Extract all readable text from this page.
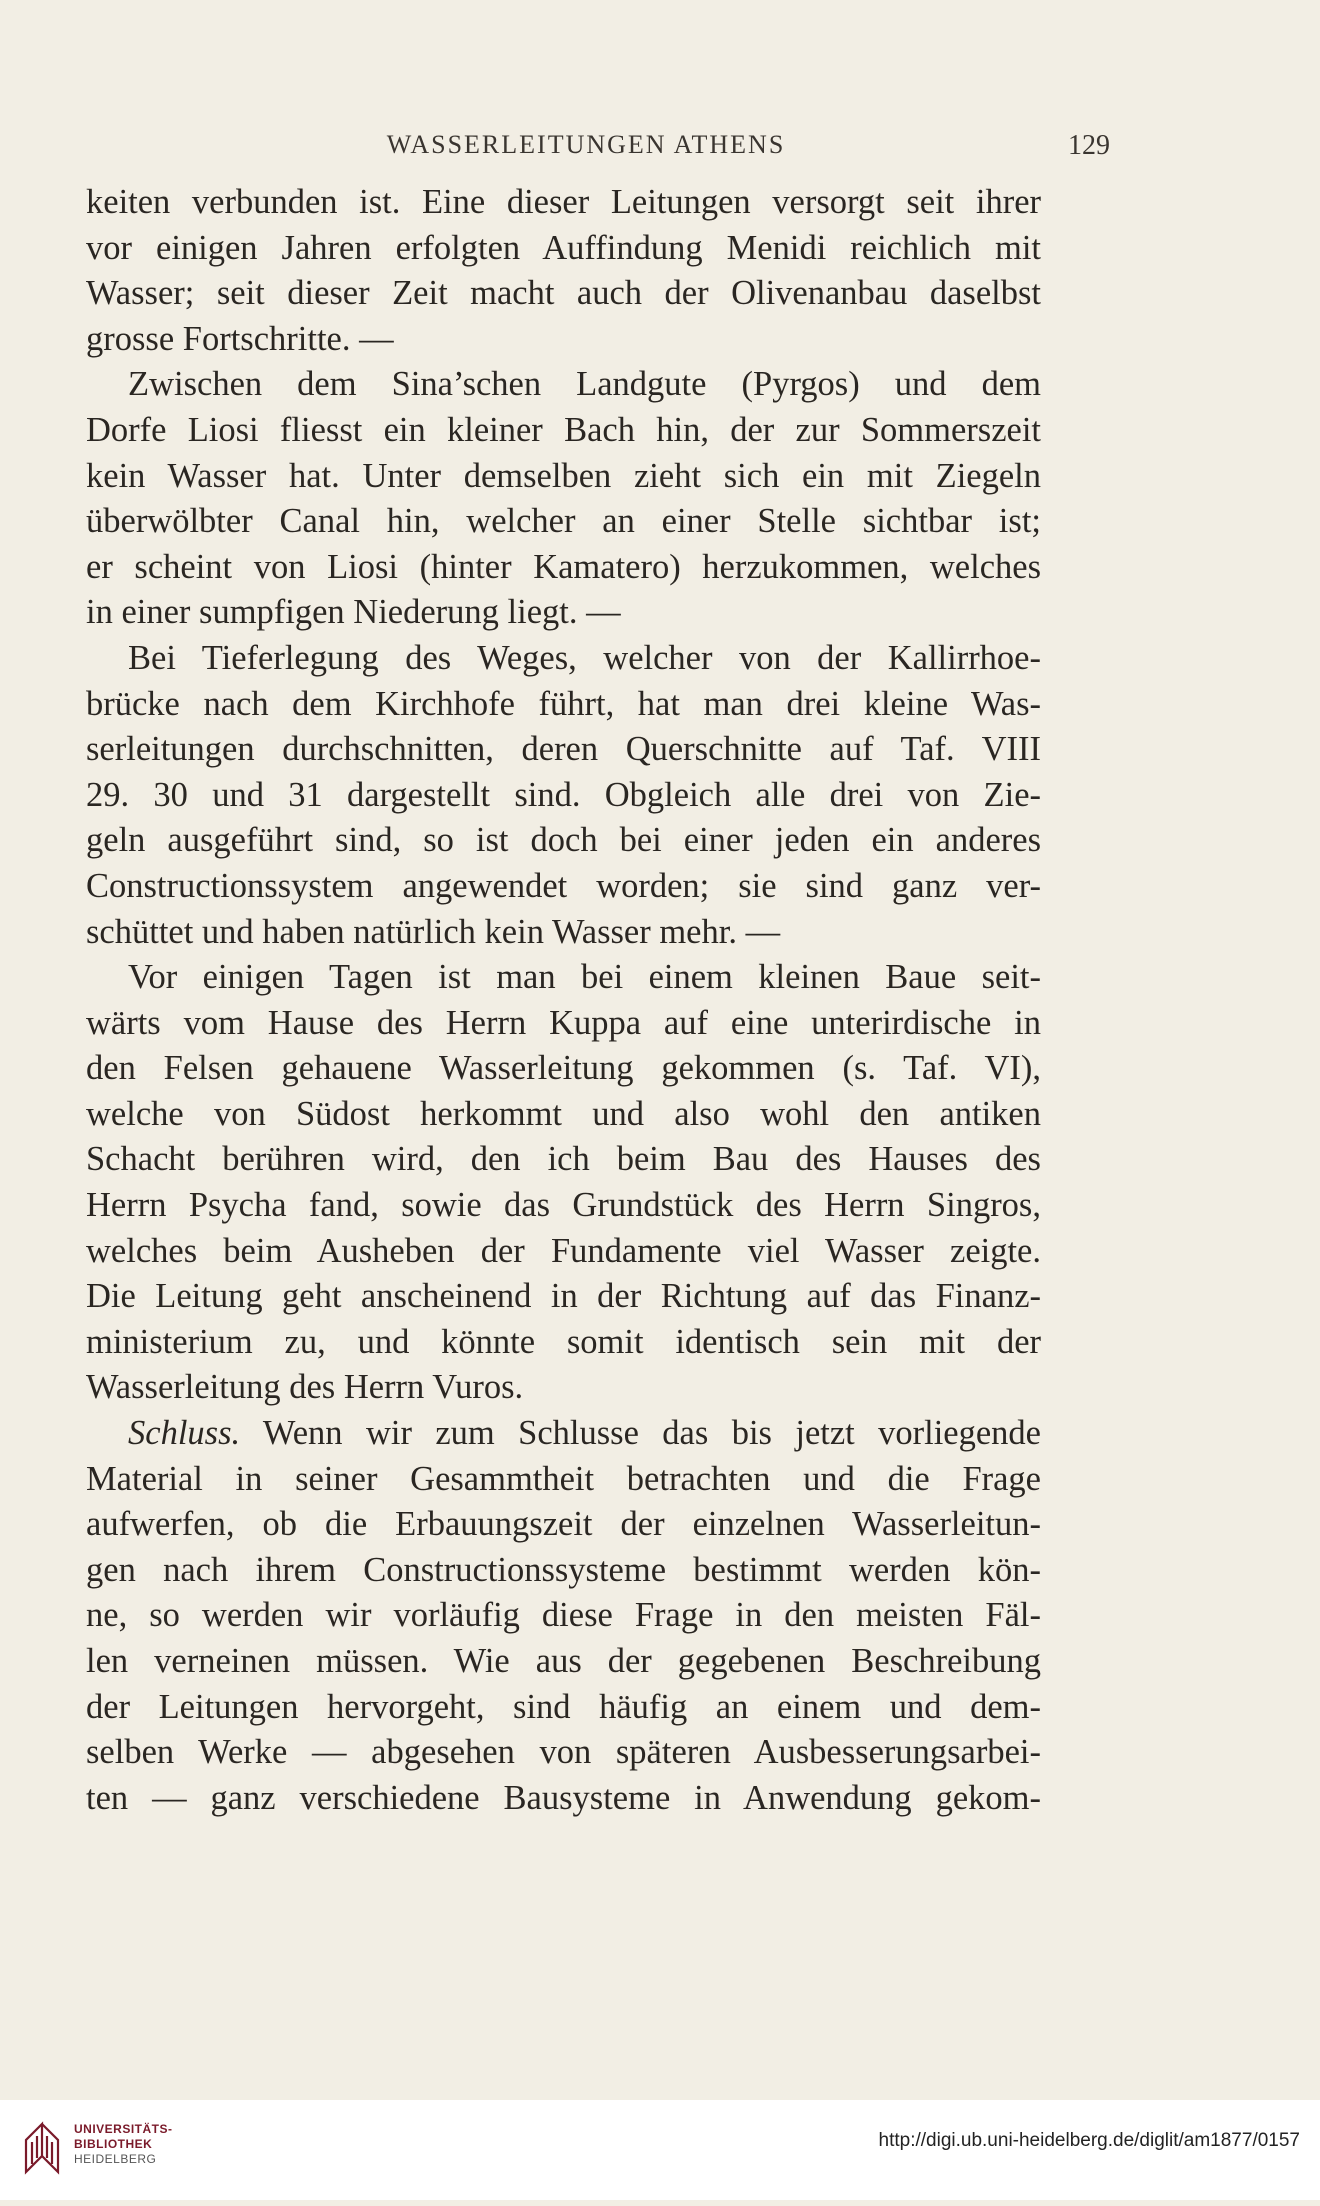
WASSERLEITUNGEN ATHENS	129
keiten verbunden ist. Eine dieser Leitungen versorgt seit ihrer
vor einigen Jahren erfolgten Auffindung Menidi reichlich mit
Wasser; seit dieser Zeit macht auch der Olivenanbau daselbst
grosse Fortschritte. —
Zwischen dem Sina’schen Landgute (Pyrgos) und dem
Dorfe Liosi fliesst ein kleiner Bach hin, der zur Sommerszeit
kein Wasser hat. Unter demselben zieht sich ein mit Ziegeln
überwölbter Canal hin, welcher an einer Stelle sichtbar ist;
er scheint von Liosi (hinter Kamatero) herzukommen, welches
in einer sumpfigen Niederung liegt. —
Bei Tieferlegung des Weges, welcher von der Kallirrhoe-
brücke nach dem Kirchhofe führt, hat man drei kleine Was-
serleitungen durchschnitten, deren Querschnitte auf Taf. VIII
29. 30 und 31 dargestellt sind. Obgleich alle drei von Zie-
geln ausgeführt sind, so ist doch bei einer jeden ein anderes
Constructionssystem angewendet worden; sie sind ganz ver-
schüttet und haben natürlich kein Wasser mehr. —
Vor einigen Tagen ist man bei einem kleinen Baue seit-
wärts vom Hause des Herrn Kuppa auf eine unterirdische in
den Felsen gehauene Wasserleitung gekommen (s. Taf. VI),
welche von Südost herkommt und also wohl den antiken
Schacht berühren wird, den ich beim Bau des Hauses des
Herrn Psycha fand, sowie das Grundstück des Herrn Singros,
welches beim Ausheben der Fundamente viel Wasser zeigte.
Die Leitung geht anscheinend in der Richtung auf das Finanz-
ministerium zu, und könnte somit identisch sein mit der
Wasserleitung des Herrn Vuros.
Schluss. Wenn wir zum Schlusse das bis jetzt vorliegende
Material in seiner Gesammtheit betrachten und die Frage
aufwerfen, ob die Erbauungszeit der einzelnen Wasserleitun-
gen nach ihrem Constructionssysteme bestimmt werden kön-
ne, so werden wir vorläufig diese Frage in den meisten Fäl-
len verneinen müssen. Wie aus der gegebenen Beschreibung
der Leitungen hervorgeht, sind häufig an einem und dem-
selben Werke — abgesehen von späteren Ausbesserungsarbei-
ten — ganz verschiedene Bausysteme in Anwendung gekom-
UNIVERSITÄTS-
BIBLIOTHEK
HEIDELBERG
http://digi.ub.uni-heidelberg.de/diglit/am1877/0157
